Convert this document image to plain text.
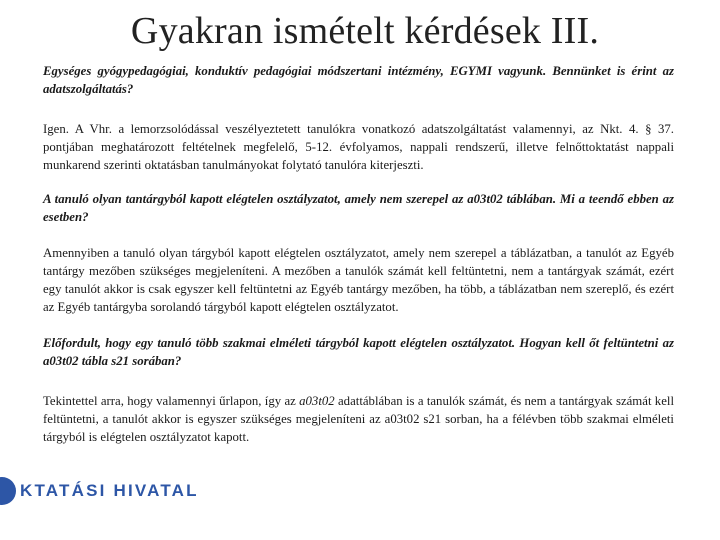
Gyakran ismételt kérdések III.

Egységes gyógypedagógiai, konduktív pedagógiai módszertani intézmény, EGYMI vagyunk. Bennünket is érint az adatszolgáltatás?

Igen. A Vhr. a lemorzsolódással veszélyeztetett tanulókra vonatkozó adatszolgáltatást valamennyi, az Nkt. 4. § 37. pontjában meghatározott feltételnek megfelelő, 5-12. évfolyamos, nappali rendszerű, illetve felnőttoktatást nappali munkarend szerinti oktatásban tanulmányokat folytató tanulóra kiterjeszti.

A tanuló olyan tantárgyból kapott elégtelen osztályzatot, amely nem szerepel az a03t02 táblában. Mi a teendő ebben az esetben?

Amennyiben a tanuló olyan tárgyból kapott elégtelen osztályzatot, amely nem szerepel a táblázatban, a tanulót az Egyéb tantárgy mezőben szükséges megjeleníteni. A mezőben a tanulók számát kell feltüntetni, nem a tantárgyak számát, ezért egy tanulót akkor is csak egyszer kell feltüntetni az Egyéb tantárgy mezőben, ha több, a táblázatban nem szereplő, és ezért az Egyéb tantárgyba sorolandó tárgyból kapott elégtelen osztályzatot.

Előfordult, hogy egy tanuló több szakmai elméleti tárgyból kapott elégtelen osztályzatot. Hogyan kell őt feltüntetni az a03t02 tábla s21 sorában?

Tekintettel arra, hogy valamennyi űrlapon, így az a03t02 adattáblában is a tanulók számát, és nem a tantárgyak számát kell feltüntetni, a tanulót akkor is egyszer szükséges megjeleníteni az a03t02 s21 sorban, ha a félévben több szakmai elméleti tárgyból is elégtelen osztályzatot kapott.

KTATÁSI HIVATAL
